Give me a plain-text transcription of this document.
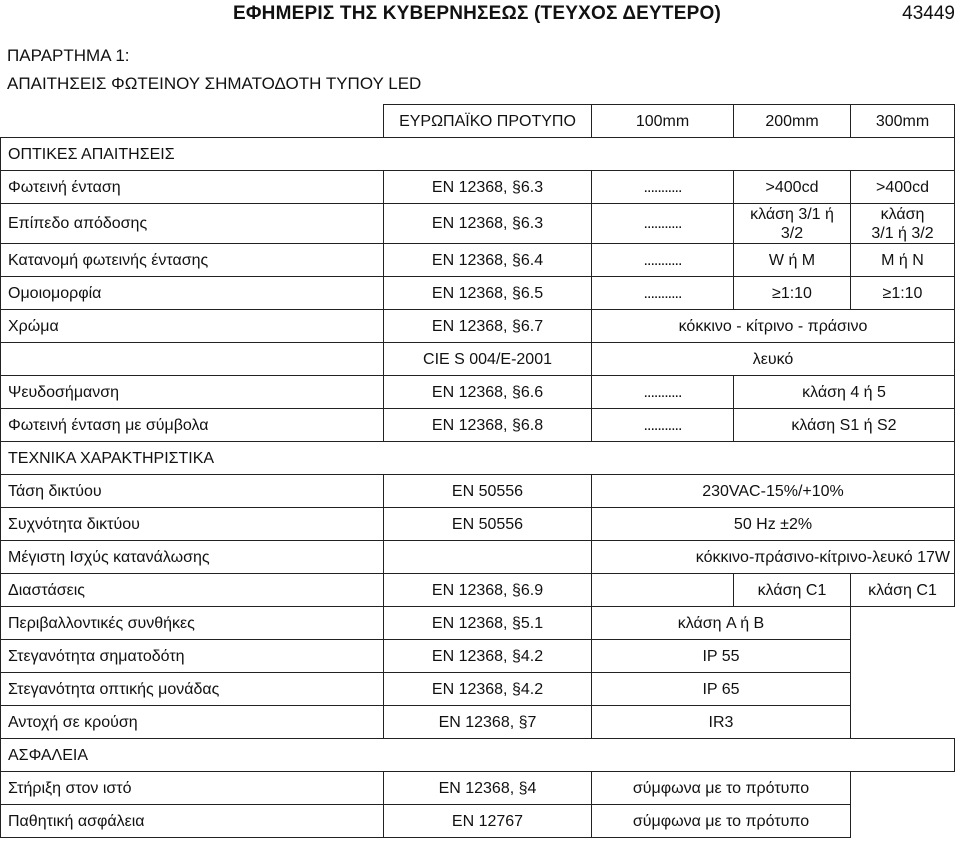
ΕΦΗΜΕΡΙΣ ΤΗΣ ΚΥΒΕΡΝΗΣΕΩΣ (ΤΕΥΧΟΣ ΔΕΥΤΕΡΟ)	43449
ΠΑΡΑΡΤΗΜΑ 1:
ΑΠΑΙΤΗΣΕΙΣ ΦΩΤΕΙΝΟΥ ΣΗΜΑΤΟΔΟΤΗ ΤΥΠΟΥ LED
	ΕΥΡΩΠΑΪΚΟ ΠΡΟΤΥΠΟ	100mm	200mm	300mm
ΟΠΤΙΚΕΣ ΑΠΑΙΤΗΣΕΙΣ				
Φωτεινή ένταση	ΕΝ 12368, §6.3	...........	>400cd	>400cd
Επίπεδο απόδοσης	ΕΝ 12368, §6.3	...........	κλάση 3/1 ή 3/2	κλάση 3/1 ή 3/2
Κατανομή φωτεινής έντασης	ΕΝ 12368, §6.4	...........	W ή M	M ή N
Ομοιομορφία	ΕΝ 12368, §6.5	...........	≥1:10	≥1:10
Χρώμα	ΕΝ 12368, §6.7	κόκκινο - κίτρινο - πράσινο		
	CIE S 004/E-2001	λευκό		
Ψευδοσήμανση	ΕΝ 12368, §6.6	...........	κλάση 4 ή 5	
Φωτεινή ένταση με σύμβολα	ΕΝ 12368, §6.8	...........	κλάση S1 ή S2	
ΤΕΧΝΙΚΑ ΧΑΡΑΚΤΗΡΙΣΤΙΚΑ				
Τάση δικτύου	ΕΝ 50556	230VAC-15%/+10%		
Συχνότητα δικτύου	ΕΝ 50556	50 Hz ±2%		
Μέγιστη Ισχύς κατανάλωσης		κόκκινο-πράσινο-κίτρινο-λευκό 17W		
Διαστάσεις	ΕΝ 12368, §6.9		κλάση C1	κλάση C1
Περιβαλλοντικές συνθήκες	ΕΝ 12368, §5.1	κλάση A ή B		
Στεγανότητα σηματοδότη	ΕΝ 12368, §4.2	IP 55		
Στεγανότητα οπτικής μονάδας	ΕΝ 12368, §4.2	IP 65		
Αντοχή σε κρούση	ΕΝ 12368, §7	IR3		
ΑΣΦΑΛΕΙΑ				
Στήριξη στον ιστό	ΕΝ 12368, §4	σύμφωνα με το πρότυπο		
Παθητική ασφάλεια	ΕΝ 12767	σύμφωνα με το πρότυπο		
